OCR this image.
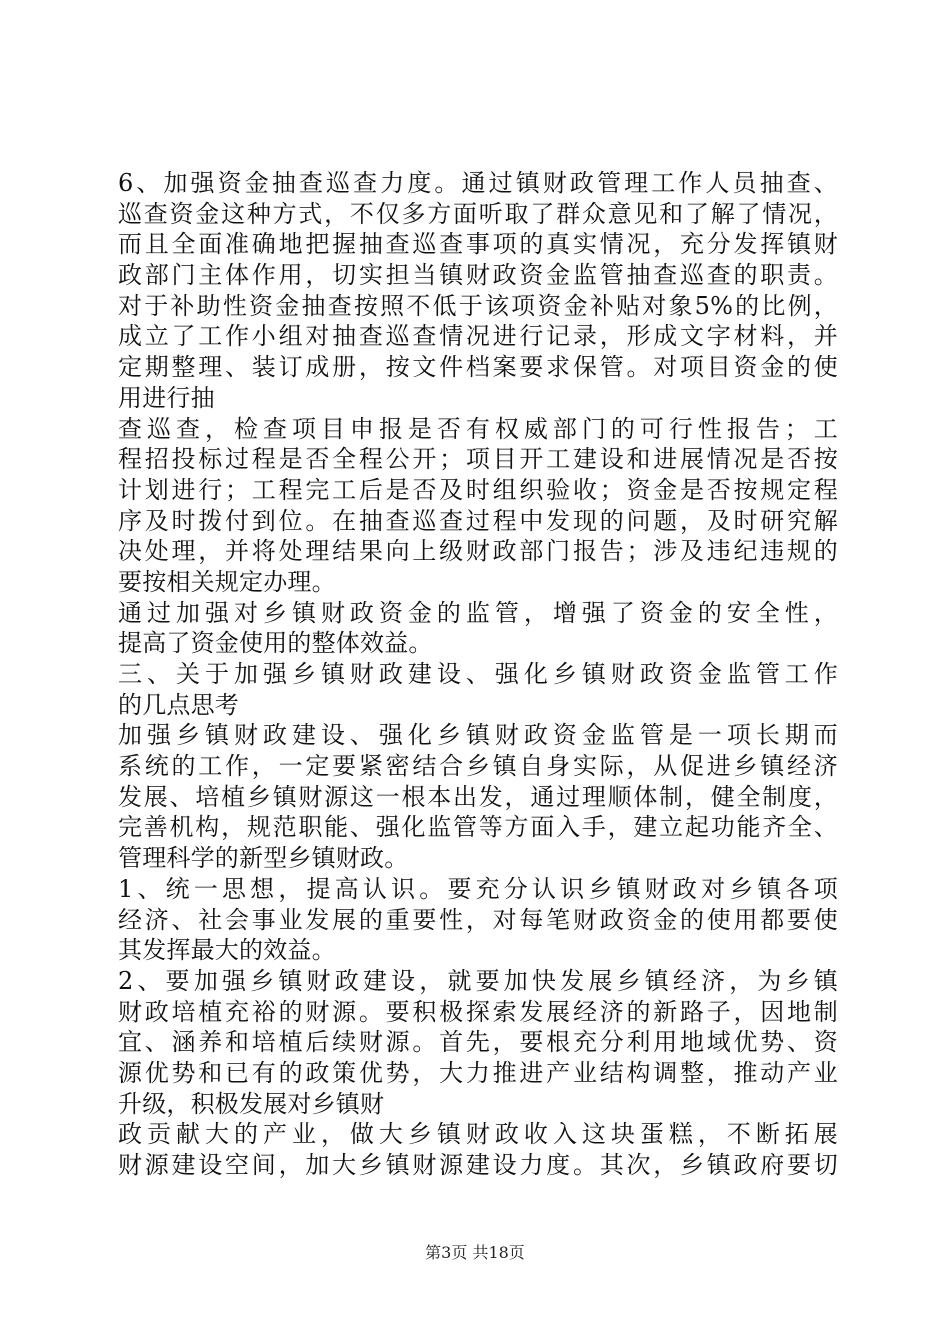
6、加强资金抽查巡查力度。通过镇财政管理工作人员抽查、
巡查资金这种方式，不仅多方面听取了群众意见和了解了情况，
而且全面准确地把握抽查巡查事项的真实情况，充分发挥镇财
政部门主体作用，切实担当镇财政资金监管抽查巡查的职责。
对于补助性资金抽查按照不低于该项资金补贴对象5%的比例，
成立了工作小组对抽查巡查情况进行记录，形成文字材料，并
定期整理、装订成册，按文件档案要求保管。对项目资金的使
用进行抽
查巡查，检查项目申报是否有权威部门的可行性报告；工
程招投标过程是否全程公开；项目开工建设和进展情况是否按
计划进行；工程完工后是否及时组织验收；资金是否按规定程
序及时拨付到位。在抽查巡查过程中发现的问题，及时研究解
决处理，并将处理结果向上级财政部门报告；涉及违纪违规的
要按相关规定办理。
通过加强对乡镇财政资金的监管，增强了资金的安全性，
提高了资金使用的整体效益。
三、关于加强乡镇财政建设、强化乡镇财政资金监管工作
的几点思考
加强乡镇财政建设、强化乡镇财政资金监管是一项长期而
系统的工作，一定要紧密结合乡镇自身实际，从促进乡镇经济
发展、培植乡镇财源这一根本出发，通过理顺体制，健全制度，
完善机构，规范职能、强化监管等方面入手，建立起功能齐全、
管理科学的新型乡镇财政。
1、统一思想，提高认识。要充分认识乡镇财政对乡镇各项
经济、社会事业发展的重要性，对每笔财政资金的使用都要使
其发挥最大的效益。
2、要加强乡镇财政建设，就要加快发展乡镇经济，为乡镇
财政培植充裕的财源。要积极探索发展经济的新路子，因地制
宜、涵养和培植后续财源。首先，要根充分利用地域优势、资
源优势和已有的政策优势，大力推进产业结构调整，推动产业
升级，积极发展对乡镇财
政贡献大的产业，做大乡镇财政收入这块蛋糕，不断拓展
财源建设空间，加大乡镇财源建设力度。其次，乡镇政府要切
第3页 共18页
